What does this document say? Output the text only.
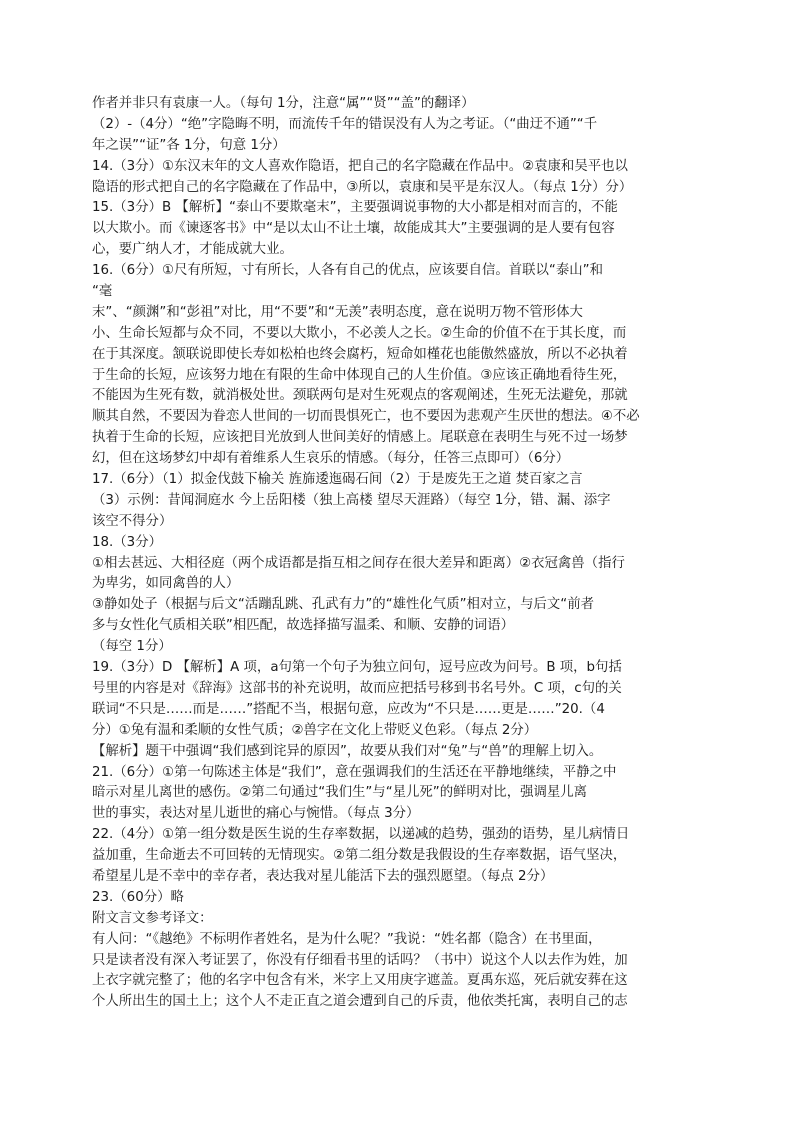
作者并非只有袁康一人。（每句 1分，注意“属”“贤”“盖”的翻译）
（2）-（4分）“绝”字隐晦不明，而流传千年的错误没有人为之考证。（“曲迂不通”“千
年之误”“证”各 1分，句意 1分）
14.（3分）①东汉末年的文人喜欢作隐语，把自己的名字隐藏在作品中。②袁康和吴平也以
隐语的形式把自己的名字隐藏在了作品中，③所以，袁康和吴平是东汉人。（每点 1分）分）
15.（3分）B 【解析】“泰山不要欺毫末”，主要强调说事物的大小都是相对而言的，不能
以大欺小。而《谏逐客书》中“是以太山不让土壤，故能成其大”主要强调的是人要有包容
心，要广纳人才，才能成就大业。
16.（6分）①尺有所短，寸有所长，人各有自己的优点，应该要自信。首联以“泰山”和
“毫
末”、“颜渊”和“彭祖”对比，用“不要”和“无羡”表明态度，意在说明万物不管形体大
小、生命长短都与众不同，不要以大欺小，不必羡人之长。②生命的价值不在于其长度，而
在于其深度。颔联说即使长寿如松柏也终会腐朽，短命如槿花也能傲然盛放，所以不必执着
于生命的长短，应该努力地在有限的生命中体现自己的人生价值。③应该正确地看待生死，
不能因为生死有数，就消极处世。颈联两句是对生死观点的客观阐述，生死无法避免，那就
顺其自然，不要因为眷恋人世间的一切而畏惧死亡，也不要因为悲观产生厌世的想法。④不必
执着于生命的长短，应该把目光放到人世间美好的情感上。尾联意在表明生与死不过一场梦
幻，但在这场梦幻中却有着维系人生哀乐的情感。（每分，任答三点即可）（6分）
17.（6分）（1）拟金伐鼓下榆关 旌旆逶迤碣石间（2）于是废先王之道 焚百家之言
（3）示例：昔闻洞庭水 今上岳阳楼（独上高楼 望尽天涯路）（每空 1分，错、漏、添字
该空不得分）
18.（3分）
①相去甚远、大相径庭（两个成语都是指互相之间存在很大差异和距离）②衣冠禽兽（指行
为卑劣，如同禽兽的人）
③静如处子（根据与后文“活蹦乱跳、孔武有力”的“雄性化气质”相对立，与后文“前者
多与女性化气质相关联”相匹配，故选择描写温柔、和顺、安静的词语）
（每空 1分）
19.（3分）D 【解析】A 项，a句第一个句子为独立问句，逗号应改为问号。B 项，b句括
号里的内容是对《辞海》这部书的补充说明，故而应把括号移到书名号外。C 项，c句的关
联词“不只是……而是……”搭配不当，根据句意，应改为“不只是……更是……”20.（4
分）①兔有温和柔顺的女性气质；②兽字在文化上带贬义色彩。（每点 2分）
【解析】题干中强调“我们感到诧异的原因”，故要从我们对“兔”与“兽”的理解上切入。
21.（6分）①第一句陈述主体是“我们”，意在强调我们的生活还在平静地继续，平静之中
暗示对星儿离世的感伤。②第二句通过“我们生”与“星儿死”的鲜明对比，强调星儿离
世的事实，表达对星儿逝世的痛心与惋惜。（每点 3分）
22.（4分）①第一组分数是医生说的生存率数据，以递减的趋势，强劲的语势，星儿病情日
益加重，生命逝去不可回转的无情现实。②第二组分数是我假设的生存率数据，语气坚决，
希望星儿是不幸中的幸存者，表达我对星儿能活下去的强烈愿望。（每点 2分）
23.（60分）略
附文言文参考译文：
有人问：“《越绝》不标明作者姓名，是为什么呢？”我说：“姓名都（隐含）在书里面，
只是读者没有深入考证罢了，你没有仔细看书里的话吗？（书中）说这个人以去作为姓，加
上衣字就完整了；他的名字中包含有米，米字上又用庚字遮盖。夏禹东巡，死后就安葬在这
个人所出生的国土上；这个人不走正直之道会遭到自己的斥责，他依类托寓，表明自己的志
